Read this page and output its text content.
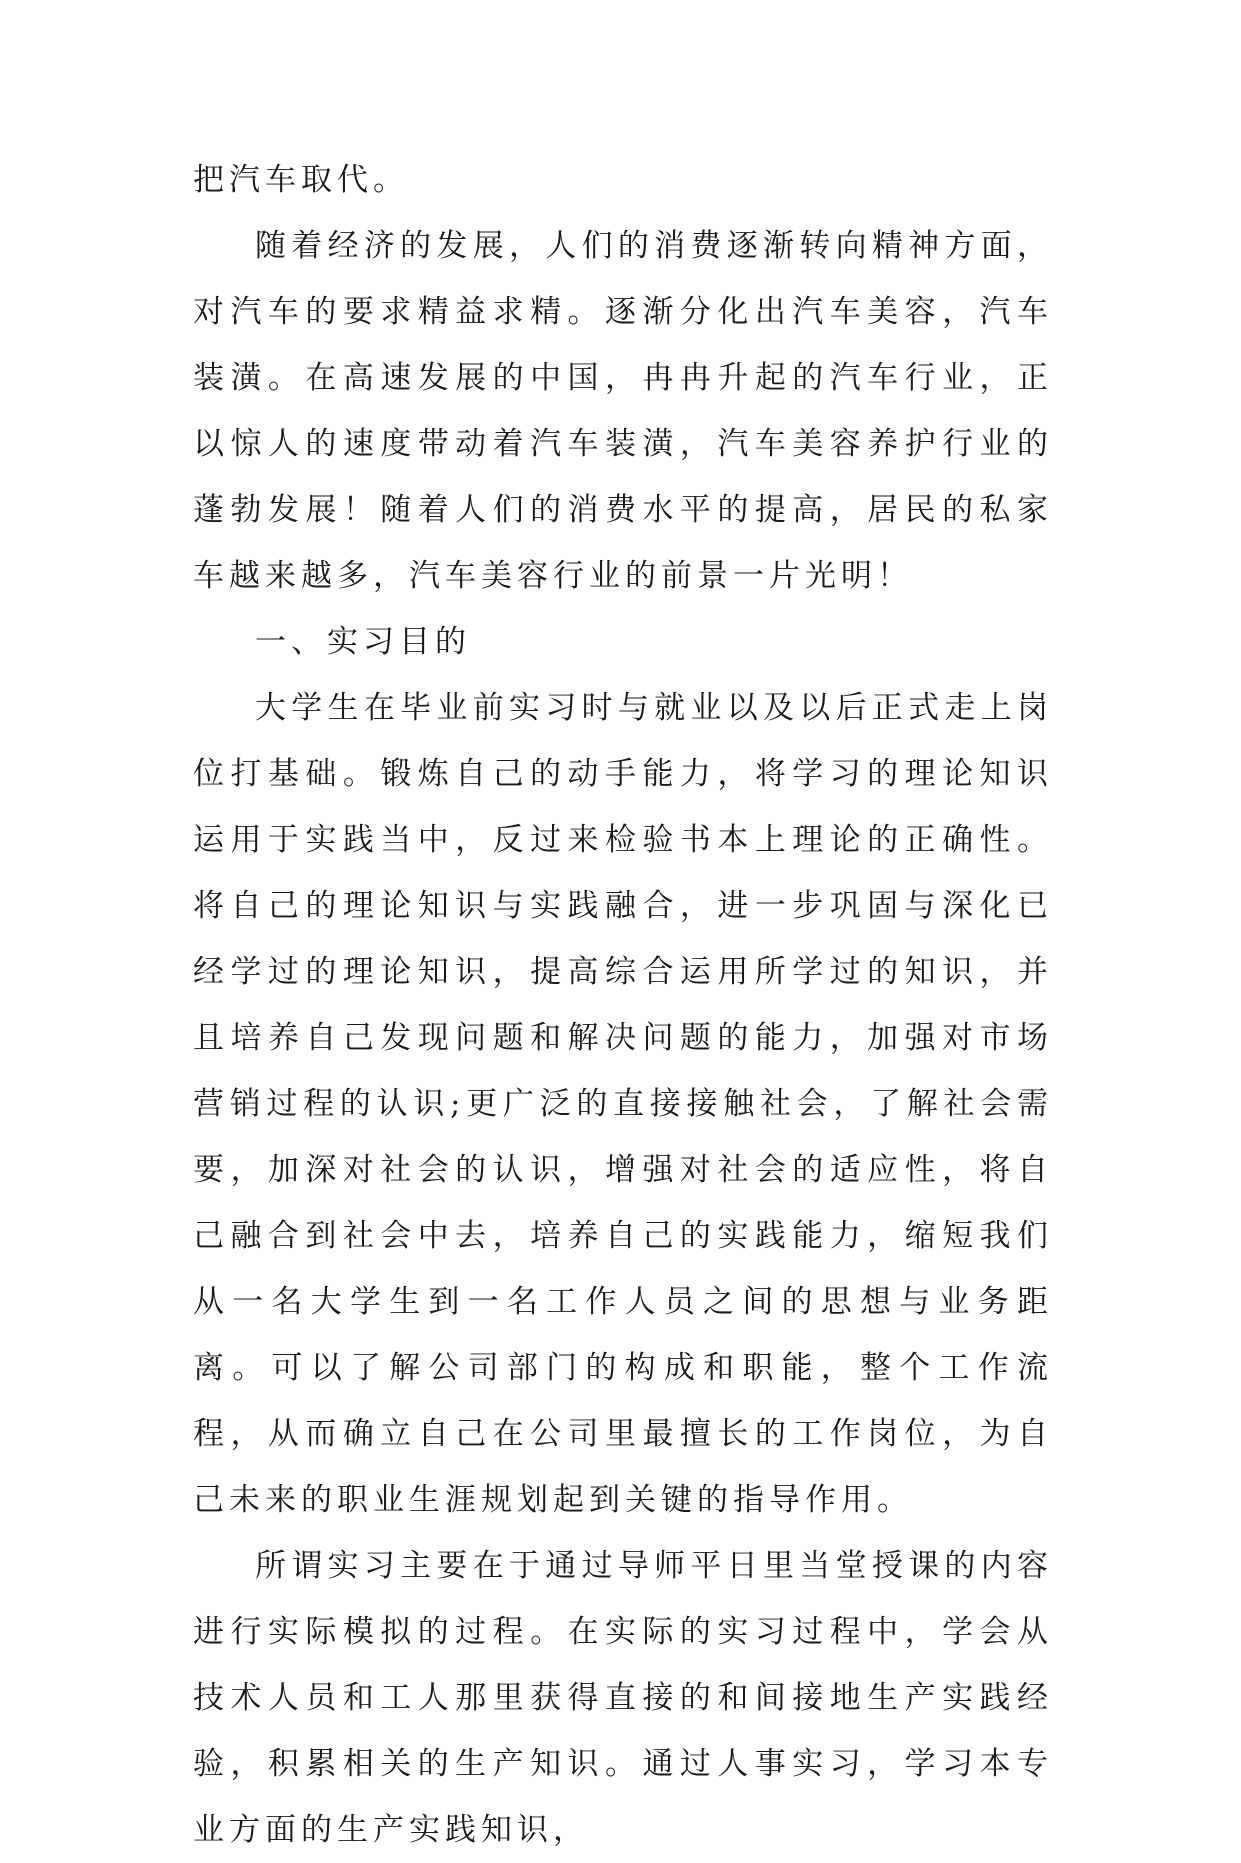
把汽车取代。

随着经济的发展，人们的消费逐渐转向精神方面，对汽车的要求精益求精。逐渐分化出汽车美容，汽车装潢。在高速发展的中国，冉冉升起的汽车行业，正以惊人的速度带动着汽车装潢，汽车美容养护行业的蓬勃发展！随着人们的消费水平的提高，居民的私家车越来越多，汽车美容行业的前景一片光明！

一、实习目的

大学生在毕业前实习时与就业以及以后正式走上岗位打基础。锻炼自己的动手能力，将学习的理论知识运用于实践当中，反过来检验书本上理论的正确性。将自己的理论知识与实践融合，进一步巩固与深化已经学过的理论知识，提高综合运用所学过的知识，并且培养自己发现问题和解决问题的能力，加强对市场营销过程的认识;更广泛的直接接触社会，了解社会需要，加深对社会的认识，增强对社会的适应性，将自己融合到社会中去，培养自己的实践能力，缩短我们从一名大学生到一名工作人员之间的思想与业务距离。可以了解公司部门的构成和职能，整个工作流程，从而确立自己在公司里最擅长的工作岗位，为自己未来的职业生涯规划起到关键的指导作用。

所谓实习主要在于通过导师平日里当堂授课的内容进行实际模拟的过程。在实际的实习过程中，学会从技术人员和工人那里获得直接的和间接地生产实践经验，积累相关的生产知识。通过人事实习，学习本专业方面的生产实践知识，
